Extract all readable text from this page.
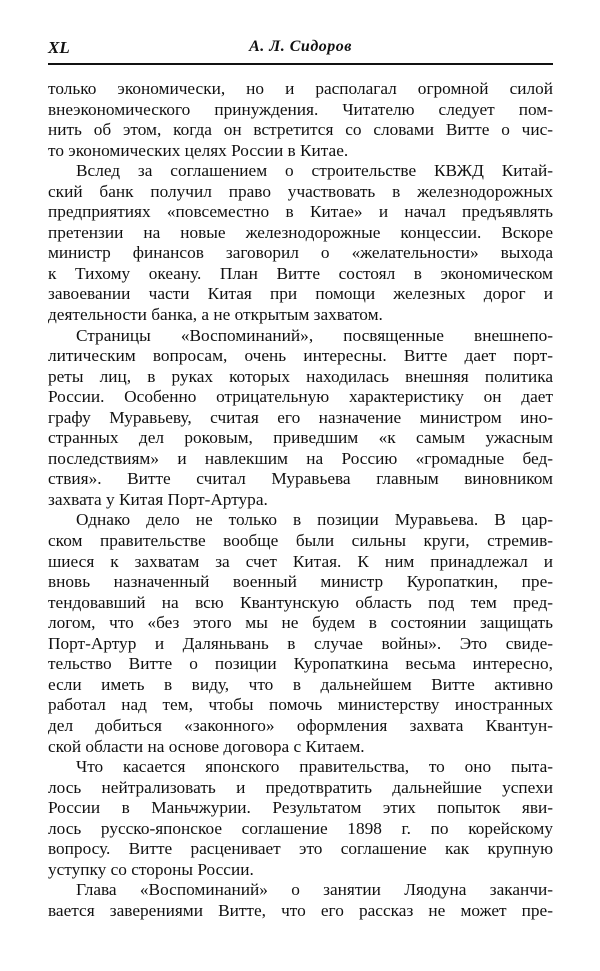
XL	А. Л. Сидоров
только экономически, но и располагал огромной силой
внеэкономического принуждения. Читателю следует пом-
нить об этом, когда он встретится со словами Витте о чис-
то экономических целях России в Китае.
Вслед за соглашением о строительстве КВЖД Китай-
ский банк получил право участвовать в железнодорожных
предприятиях «повсеместно в Китае» и начал предъявлять
претензии на новые железнодорожные концессии. Вскоре
министр финансов заговорил о «желательности» выхода
к Тихому океану. План Витте состоял в экономическом
завоевании части Китая при помощи железных дорог и
деятельности банка, а не открытым захватом.
Страницы «Воспоминаний», посвященные внешнепо-
литическим вопросам, очень интересны. Витте дает порт-
реты лиц, в руках которых находилась внешняя политика
России. Особенно отрицательную характеристику он дает
графу Муравьеву, считая его назначение министром ино-
странных дел роковым, приведшим «к самым ужасным
последствиям» и навлекшим на Россию «громадные бед-
ствия». Витте считал Муравьева главным виновником
захвата у Китая Порт-Артура.
Однако дело не только в позиции Муравьева. В цар-
ском правительстве вообще были сильны круги, стремив-
шиеся к захватам за счет Китая. К ним принадлежал и
вновь назначенный военный министр Куропаткин, пре-
тендовавший на всю Квантунскую область под тем пред-
логом, что «без этого мы не будем в состоянии защищать
Порт-Артур и Даляньвань в случае войны». Это свиде-
тельство Витте о позиции Куропаткина весьма интересно,
если иметь в виду, что в дальнейшем Витте активно
работал над тем, чтобы помочь министерству иностранных
дел добиться «законного» оформления захвата Квантун-
ской области на основе договора с Китаем.
Что касается японского правительства, то оно пыта-
лось нейтрализовать и предотвратить дальнейшие успехи
России в Маньчжурии. Результатом этих попыток яви-
лось русско-японское соглашение 1898 г. по корейскому
вопросу. Витте расценивает это соглашение как крупную
уступку со стороны России.
Глава «Воспоминаний» о занятии Ляодуна заканчи-
вается заверениями Витте, что его рассказ не может пре-
